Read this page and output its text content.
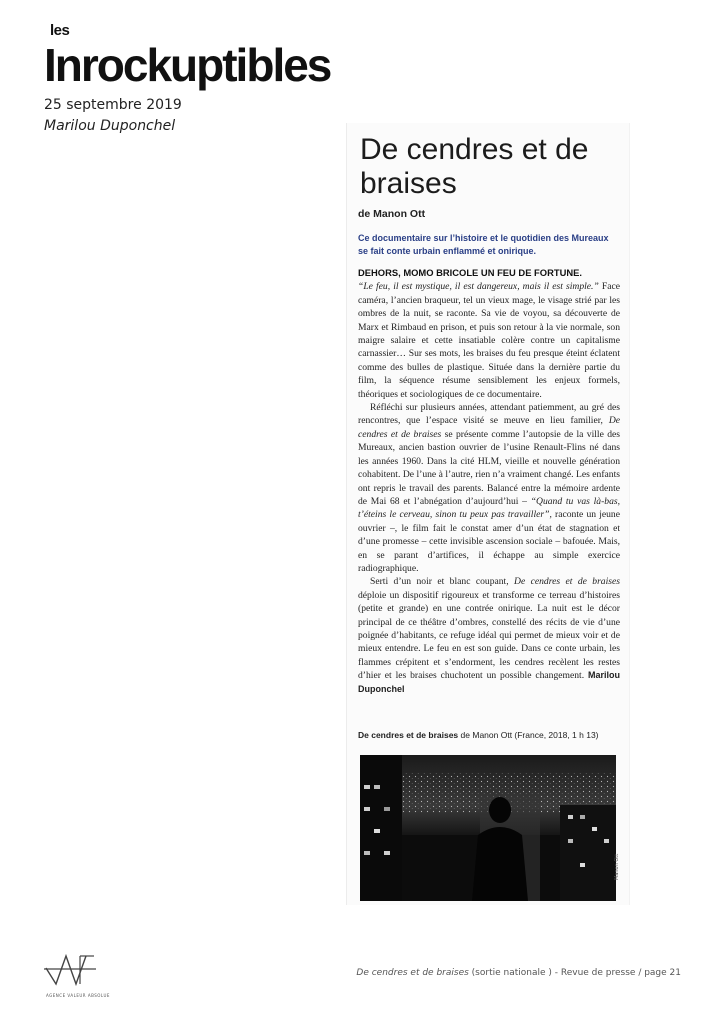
les
Inrockuptibles
25 septembre 2019
Marilou Duponchel
De cendres et de braises
de Manon Ott
Ce documentaire sur l’histoire et le quotidien des Mureaux se fait conte urbain enflammé et onirique.

DEHORS, MOMO BRICOLE UN FEU DE FORTUNE.
“Le feu, il est mystique, il est dangereux, mais il est simple.” Face caméra, l’ancien braqueur, tel un vieux mage, le visage strié par les ombres de la nuit, se raconte. Sa vie de voyou, sa découverte de Marx et Rimbaud en prison, et puis son retour à la vie normale, son maigre salaire et cette insatiable colère contre un capitalisme carnassier… Sur ses mots, les braises du feu presque éteint éclatent comme des bulles de plastique. Située dans la dernière partie du film, la séquence résume sensiblement les enjeux formels, théoriques et sociologiques de ce documentaire.

Réfléchi sur plusieurs années, attendant patiemment, au gré des rencontres, que l’espace visité se meuve en lieu familier, De cendres et de braises se présente comme l’autopsie de la ville des Mureaux, ancien bastion ouvrier de l’usine Renault-Flins né dans les années 1960. Dans la cité HLM, vieille et nouvelle génération cohabitent. De l’une à l’autre, rien n’a vraiment changé. Les enfants ont repris le travail des parents. Balancé entre la mémoire ardente de Mai 68 et l’abnégation d’aujourd’hui – “Quand tu vas là-bas, t’éteins le cerveau, sinon tu peux pas travailler”, raconte un jeune ouvrier –, le film fait le constat amer d’un état de stagnation et d’une promesse – cette invisible ascension sociale – bafouée. Mais, en se parant d’artifices, il échappe au simple exercice radiographique.

Serti d’un noir et blanc coupant, De cendres et de braises déploie un dispositif rigoureux et transforme ce terreau d’histoires (petite et grande) en une contrée onirique. La nuit est le décor principal de ce théâtre d’ombres, constellé des récits de vie d’une poignée d’habitants, ce refuge idéal qui permet de mieux voir et de mieux entendre. Le feu en est son guide. Dans ce conte urbain, les flammes crépitent et s’endorment, les cendres recèlent les restes d’hier et les braises chuchotent un possible changement. Marilou Duponchel

De cendres et de braises de Manon Ott (France, 2018, 1 h 13)
Manon Ott
AGENCE VALEUR ABSOLUE
De cendres et de braises (sortie nationale ) - Revue de presse / page 21
